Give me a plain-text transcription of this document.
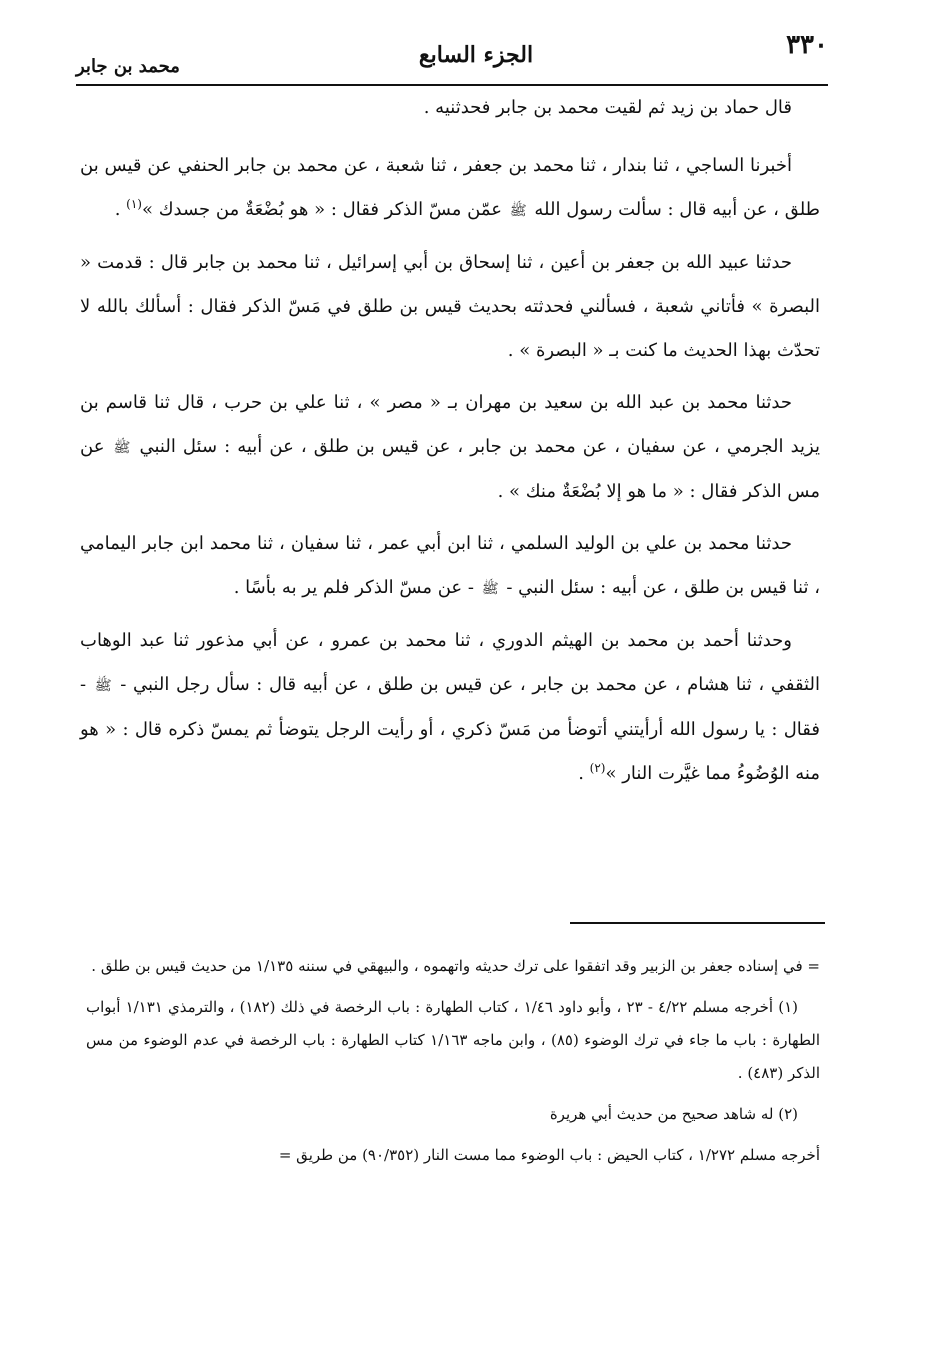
٣٣٠
الجزء السابع
محمد بن جابر

قال حماد بن زيد ثم لقيت محمد بن جابر فحدثنيه .

أخبرنا الساجي ، ثنا بندار ، ثنا محمد بن جعفر ، ثنا شعبة ، عن محمد بن جابر الحنفي عن قيس بن طلق ، عن أبيه قال : سألت رسول الله ﷺ عمّن مسّ الذكر فقال : « هو بُضْعَةٌ من جسدك »$^{(١)}$ .

حدثنا عبيد الله بن جعفر بن أعين ، ثنا إسحاق بن أبي إسرائيل ، ثنا محمد بن جابر قال : قدمت « البصرة » فأتاني شعبة ، فسألني فحدثته بحديث قيس بن طلق في مَسّ الذكر فقال : أسألك بالله لا تحدّث بهذا الحديث ما كنت بـ « البصرة » .

حدثنا محمد بن عبد الله بن سعيد بن مهران بـ « مصر » ، ثنا علي بن حرب ، قال ثنا قاسم بن يزيد الجرمي ، عن سفيان ، عن محمد بن جابر ، عن قيس بن طلق ، عن أبيه : سئل النبي ﷺ عن مس الذكر فقال : « ما هو إلا بُضْعَةٌ منك » .

حدثنا محمد بن علي بن الوليد السلمي ، ثنا ابن أبي عمر ، ثنا سفيان ، ثنا محمد ابن جابر اليمامي ، ثنا قيس بن طلق ، عن أبيه : سئل النبي - ﷺ - عن مسّ الذكر فلم ير به بأسًا .

وحدثنا أحمد بن محمد بن الهيثم الدوري ، ثنا محمد بن عمرو ، عن أبي مذعور ثنا عبد الوهاب الثقفي ، ثنا هشام ، عن محمد بن جابر ، عن قيس بن طلق ، عن أبيه قال : سأل رجل النبي - ﷺ - فقال : يا رسول الله أرأيتني أتوضأ من مَسّ ذكري ، أو رأيت الرجل يتوضأ ثم يمسّ ذكره قال : « هو منه الوُضُوءُ مما غيَّرت النار »$^{(٢)}$ .

= في إسناده جعفر بن الزبير وقد اتفقوا على ترك حديثه واتهموه ، والبيهقي في سننه ١/١٣٥ من حديث قيس بن طلق .

(١) أخرجه مسلم ٤/٢٢ - ٢٣ ، وأبو داود ١/٤٦ ، كتاب الطهارة : باب الرخصة في ذلك (١٨٢) ، والترمذي ١/١٣١ أبواب الطهارة : باب ما جاء في ترك الوضوء (٨٥) ، وابن ماجه ١/١٦٣ كتاب الطهارة : باب الرخصة في عدم الوضوء من مس الذكر (٤٨٣) .

(٢) له شاهد صحيح من حديث أبي هريرة

أخرجه مسلم ١/٢٧٢ ، كتاب الحيض : باب الوضوء مما مست النار (٩٠/٣٥٢) من طريق =
